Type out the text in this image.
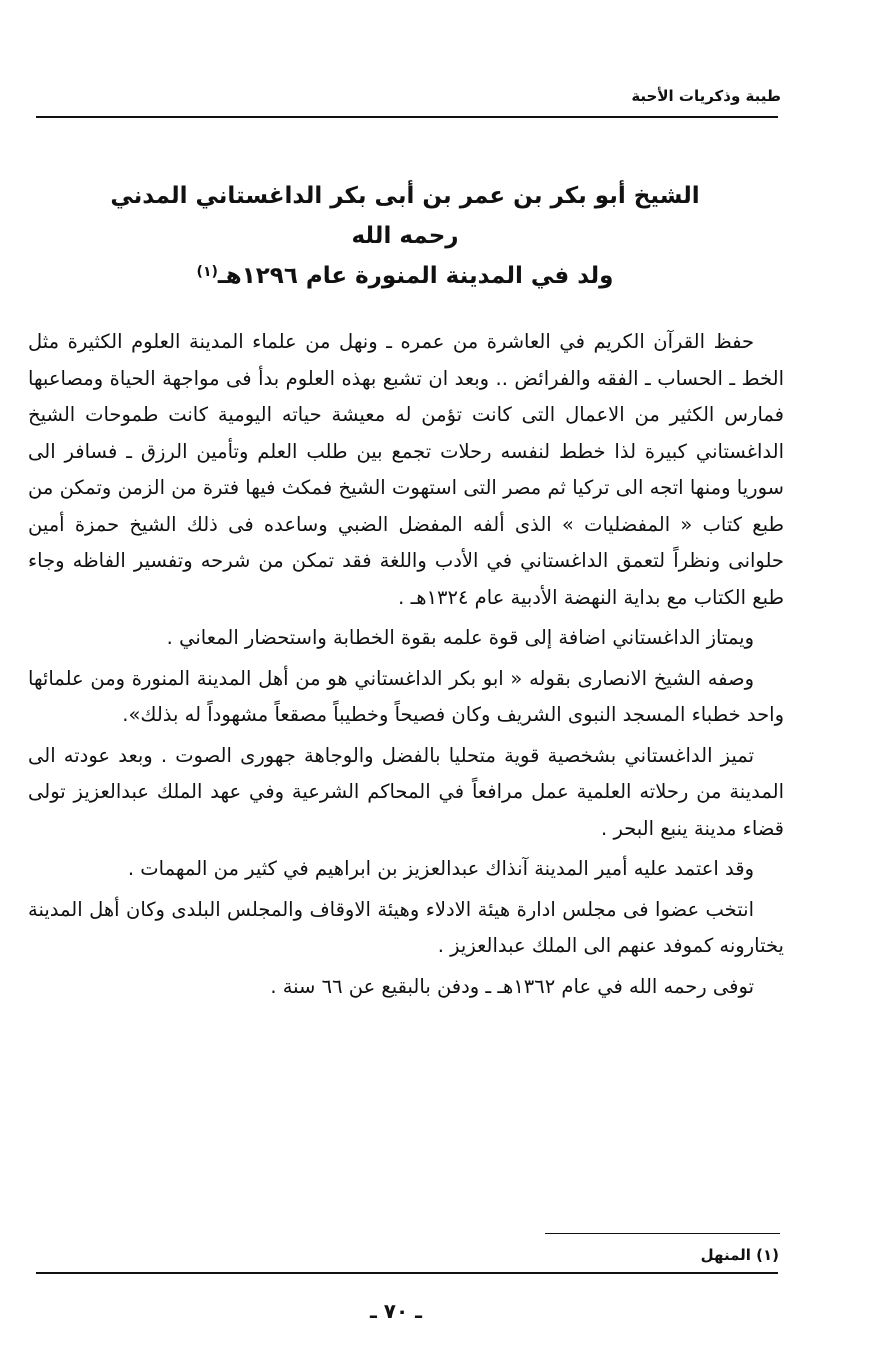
طيبة وذكريات الأحبة
الشيخ أبو بكر بن عمر بن أبى بكر الداغستاني المدني
رحمه الله
ولد في المدينة المنورة عام ١٢٩٦هـ$^{(١)}$

حفظ القرآن الكريم في العاشرة من عمره ـ ونهل من علماء المدينة العلوم الكثيرة مثل الخط ـ الحساب ـ الفقه والفرائض .. وبعد ان تشبع بهذه العلوم بدأ فى مواجهة الحياة ومصاعبها فمارس الكثير من الاعمال التى كانت تؤمن له معيشة حياته اليومية كانت طموحات الشيخ الداغستاني كبيرة لذا خطط لنفسه رحلات تجمع بين طلب العلم وتأمين الرزق ـ فسافر الى سوريا ومنها اتجه الى تركيا ثم مصر التى استهوت الشيخ فمكث فيها فترة من الزمن وتمكن من طبع كتاب « المفضليات » الذى ألفه المفضل الضبي وساعده فى ذلك الشيخ حمزة أمين حلوانى ونظراً لتعمق الداغستاني في الأدب واللغة فقد تمكن من شرحه وتفسير الفاظه وجاء طبع الكتاب مع بداية النهضة الأدبية عام ١٣٢٤هـ .

ويمتاز الداغستاني اضافة إلى قوة علمه بقوة الخطابة واستحضار المعاني .

وصفه الشيخ الانصارى بقوله « ابو بكر الداغستاني هو من أهل المدينة المنورة ومن علمائها واحد خطباء المسجد النبوى الشريف وكان فصيحاً وخطيباً مصقعاً مشهوداً له بذلك».

تميز الداغستاني بشخصية قوية متحليا بالفضل والوجاهة جهورى الصوت . وبعد عودته الى المدينة من رحلاته العلمية عمل مرافعاً في المحاكم الشرعية وفي عهد الملك عبدالعزيز تولى قضاء مدينة ينبع البحر .

وقد اعتمد عليه أمير المدينة آنذاك عبدالعزيز بن ابراهيم في كثير من المهمات .

انتخب عضوا فى مجلس ادارة هيئة الادلاء وهيئة الاوقاف والمجلس البلدى وكان أهل المدينة يختارونه كموفد عنهم الى الملك عبدالعزيز .

توفى رحمه الله في عام ١٣٦٢هـ ـ ودفن بالبقيع عن ٦٦ سنة .

(١) المنهل
ـ ٧٠ ـ
